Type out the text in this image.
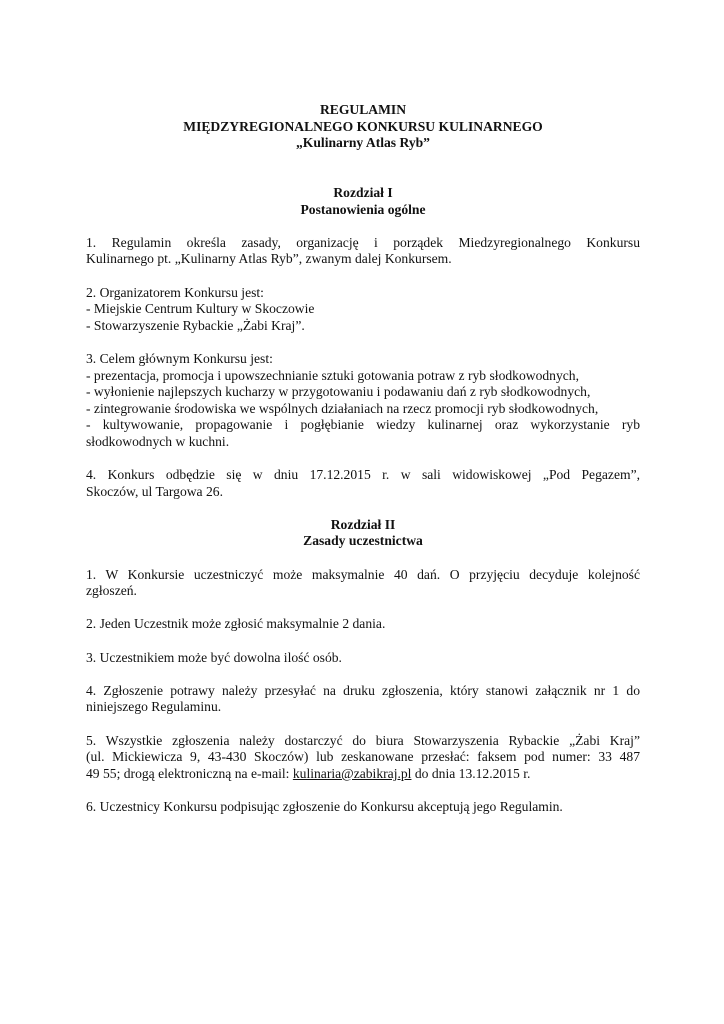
REGULAMIN
MIĘDZYREGIONALNEGO KONKURSU KULINARNEGO
„Kulinarny Atlas Ryb”
Rozdział I
Postanowienia ogólne
1. Regulamin określa zasady, organizację i porządek Miedzyregionalnego Konkursu
Kulinarnego pt. „Kulinarny Atlas Ryb”, zwanym dalej Konkursem.
2. Organizatorem Konkursu jest:
- Miejskie Centrum Kultury w Skoczowie
- Stowarzyszenie Rybackie „Żabi Kraj”.
3. Celem głównym Konkursu jest:
- prezentacja, promocja i upowszechnianie sztuki gotowania potraw z ryb słodkowodnych,
- wyłonienie najlepszych kucharzy w przygotowaniu i podawaniu dań z ryb słodkowodnych,
- zintegrowanie środowiska we wspólnych działaniach na rzecz promocji ryb słodkowodnych,
- kultywowanie, propagowanie i pogłębianie wiedzy kulinarnej oraz wykorzystanie ryb
słodkowodnych w kuchni.
4. Konkurs odbędzie się w dniu 17.12.2015 r. w sali widowiskowej „Pod Pegazem”,
Skoczów, ul Targowa 26.
Rozdział II
Zasady uczestnictwa
1. W Konkursie uczestniczyć może maksymalnie 40 dań. O przyjęciu decyduje kolejność
zgłoszeń.
2. Jeden Uczestnik może zgłosić maksymalnie 2 dania.
3. Uczestnikiem może być dowolna ilość osób.
4. Zgłoszenie potrawy należy przesyłać na druku zgłoszenia, który stanowi załącznik nr 1 do
niniejszego Regulaminu.
5. Wszystkie zgłoszenia należy dostarczyć do biura Stowarzyszenia Rybackie „Żabi Kraj”
(ul. Mickiewicza 9, 43-430 Skoczów) lub zeskanowane przesłać: faksem pod numer: 33 487
49 55; drogą elektroniczną na e-mail: kulinaria@zabikraj.pl do dnia 13.12.2015 r.
6. Uczestnicy Konkursu podpisując zgłoszenie do Konkursu akceptują jego Regulamin.
